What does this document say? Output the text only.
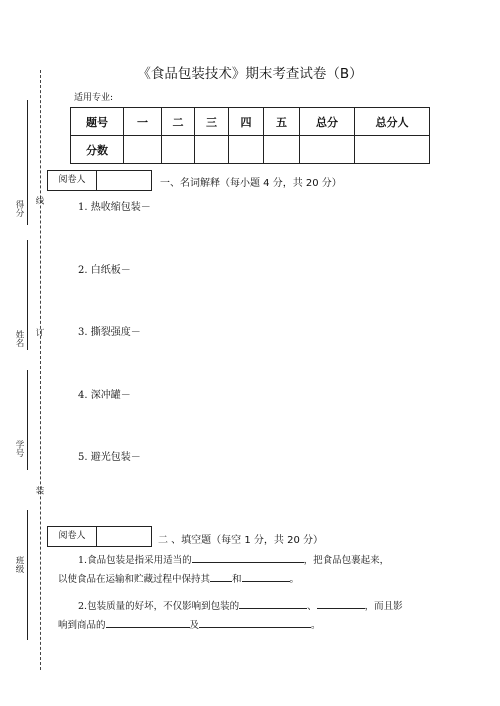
得分 线
姓名 订
学号
装
班级
《食品包装技术》期末考查试卷（B）
适用专业:
题号	一	二	三	四	五	总分	总分人
分数							
阅卷人	一、名词解释（每小题 4 分，共 20 分）
1. 热收缩包装－
2. 白纸板－
3. 撕裂强度－
4. 深冲罐－
5. 避光包装－
阅卷人	二 、填空题（每空 1 分，共 20 分）
1.食品包装是指采用适当的	，把食品包裹起来，
以使食品在运输和贮藏过程中保持其 和	。
2.包装质量的好坏，不仅影响到包装的	、	，而且影
响到商品的	及	。
